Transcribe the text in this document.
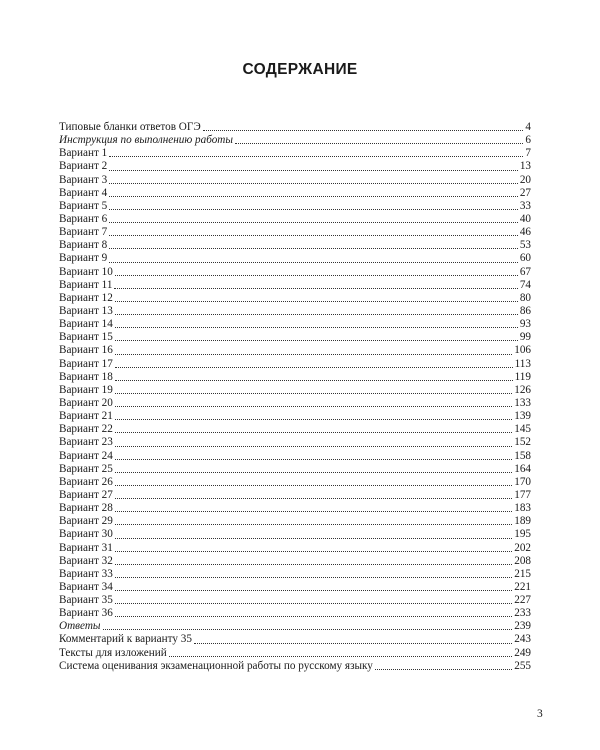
СОДЕРЖАНИЕ
Типовые бланки ответов ОГЭ	4
Инструкция по выполнению работы	6
Вариант 1	7
Вариант 2	13
Вариант 3	20
Вариант 4	27
Вариант 5	33
Вариант 6	40
Вариант 7	46
Вариант 8	53
Вариант 9	60
Вариант 10	67
Вариант 11	74
Вариант 12	80
Вариант 13	86
Вариант 14	93
Вариант 15	99
Вариант 16	106
Вариант 17	113
Вариант 18	119
Вариант 19	126
Вариант 20	133
Вариант 21	139
Вариант 22	145
Вариант 23	152
Вариант 24	158
Вариант 25	164
Вариант 26	170
Вариант 27	177
Вариант 28	183
Вариант 29	189
Вариант 30	195
Вариант 31	202
Вариант 32	208
Вариант 33	215
Вариант 34	221
Вариант 35	227
Вариант 36	233
Ответы	239
Комментарий к варианту 35	243
Тексты для изложений	249
Система оценивания экзаменационной работы по русскому языку	255
3
